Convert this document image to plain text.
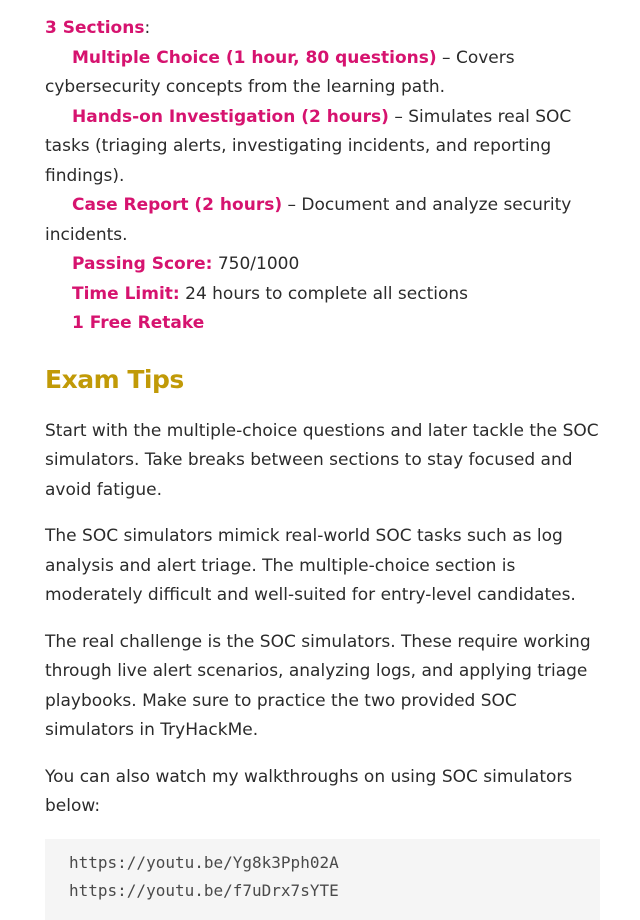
3 Sections:
Multiple Choice (1 hour, 80 questions) – Covers cybersecurity concepts from the learning path.
Hands-on Investigation (2 hours) – Simulates real SOC tasks (triaging alerts, investigating incidents, and reporting findings).
Case Report (2 hours) – Document and analyze security incidents.
Passing Score: 750/1000
Time Limit: 24 hours to complete all sections
1 Free Retake
Exam Tips

Start with the multiple-choice questions and later tackle the SOC simulators. Take breaks between sections to stay focused and avoid fatigue.

The SOC simulators mimick real-world SOC tasks such as log analysis and alert triage. The multiple-choice section is moderately difficult and well-suited for entry-level candidates.

The real challenge is the SOC simulators. These require working through live alert scenarios, analyzing logs, and applying triage playbooks. Make sure to practice the two provided SOC simulators in TryHackMe.

You can also watch my walkthroughs on using SOC simulators below:

https://youtu.be/Yg8k3Pph02A
https://youtu.be/f7uDrx7sYTE
